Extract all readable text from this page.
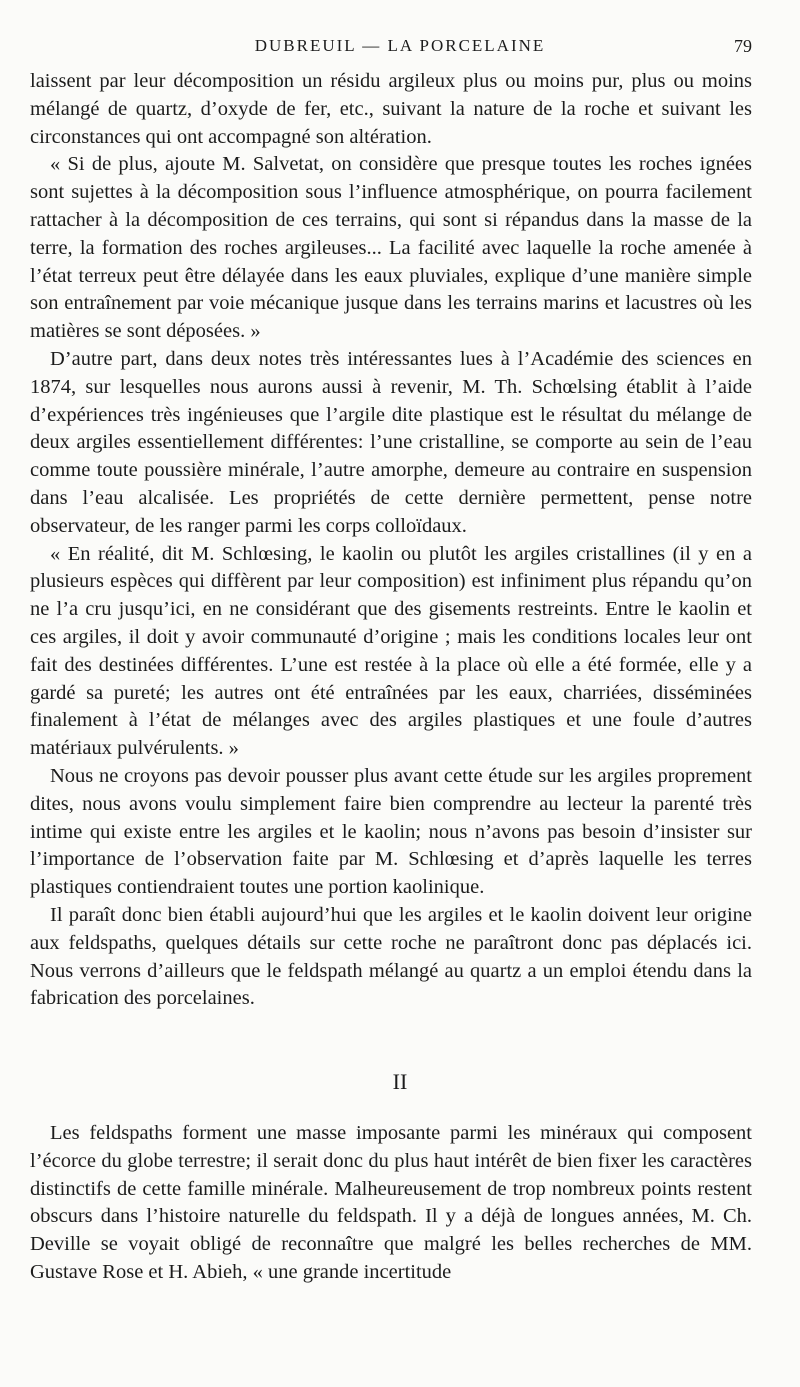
DUBREUIL — LA PORCELAINE	79

laissent par leur décomposition un résidu argileux plus ou moins pur, plus ou moins mélangé de quartz, d’oxyde de fer, etc., suivant la nature de la roche et suivant les circonstances qui ont accompagné son altération.

« Si de plus, ajoute M. Salvetat, on considère que presque toutes les roches ignées sont sujettes à la décomposition sous l’influence atmosphérique, on pourra facilement rattacher à la décomposition de ces terrains, qui sont si répandus dans la masse de la terre, la formation des roches argileuses... La facilité avec laquelle la roche amenée à l’état terreux peut être délayée dans les eaux pluviales, explique d’une manière simple son entraînement par voie mécanique jusque dans les terrains marins et lacustres où les matières se sont déposées. »

D’autre part, dans deux notes très intéressantes lues à l’Académie des sciences en 1874, sur lesquelles nous aurons aussi à revenir, M. Th. Schœlsing établit à l’aide d’expériences très ingénieuses que l’argile dite plastique est le résultat du mélange de deux argiles essentiellement différentes: l’une cristalline, se comporte au sein de l’eau comme toute poussière minérale, l’autre amorphe, demeure au contraire en suspension dans l’eau alcalisée. Les propriétés de cette dernière permettent, pense notre observateur, de les ranger parmi les corps colloïdaux.

« En réalité, dit M. Schlœsing, le kaolin ou plutôt les argiles cristallines (il y en a plusieurs espèces qui diffèrent par leur composition) est infiniment plus répandu qu’on ne l’a cru jusqu’ici, en ne considérant que des gisements restreints. Entre le kaolin et ces argiles, il doit y avoir communauté d’origine ; mais les conditions locales leur ont fait des destinées différentes. L’une est restée à la place où elle a été formée, elle y a gardé sa pureté; les autres ont été entraînées par les eaux, charriées, disséminées finalement à l’état de mélanges avec des argiles plastiques et une foule d’autres matériaux pulvérulents. »

Nous ne croyons pas devoir pousser plus avant cette étude sur les argiles proprement dites, nous avons voulu simplement faire bien comprendre au lecteur la parenté très intime qui existe entre les argiles et le kaolin; nous n’avons pas besoin d’insister sur l’importance de l’observation faite par M. Schlœsing et d’après laquelle les terres plastiques contiendraient toutes une portion kaolinique.

Il paraît donc bien établi aujourd’hui que les argiles et le kaolin doivent leur origine aux feldspaths, quelques détails sur cette roche ne paraîtront donc pas déplacés ici. Nous verrons d’ailleurs que le feldspath mélangé au quartz a un emploi étendu dans la fabrication des porcelaines.

II

Les feldspaths forment une masse imposante parmi les minéraux qui composent l’écorce du globe terrestre; il serait donc du plus haut intérêt de bien fixer les caractères distinctifs de cette famille minérale. Malheureusement de trop nombreux points restent obscurs dans l’histoire naturelle du feldspath. Il y a déjà de longues années, M. Ch. Deville se voyait obligé de reconnaître que malgré les belles recherches de MM. Gustave Rose et H. Abieh, « une grande incertitude
